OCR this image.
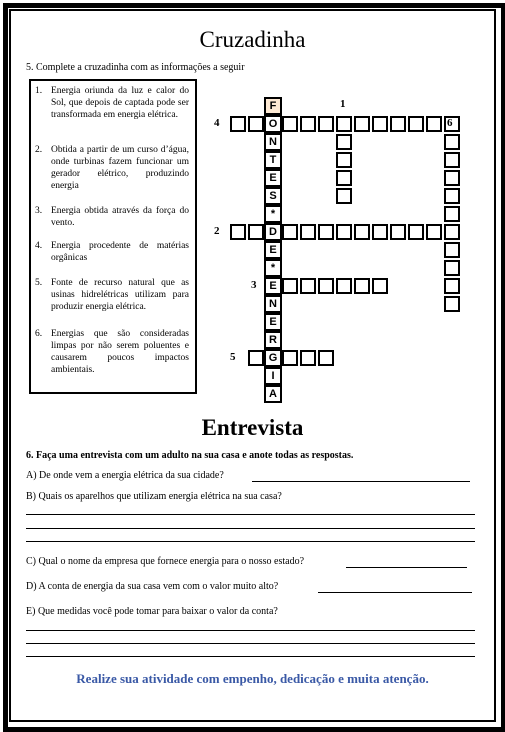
Cruzadinha
5. Complete a cruzadinha com as informações a seguir
1. Energia oriunda da luz e calor do Sol, que depois de captada pode ser transformada em energia elétrica.
2. Obtida a partir de um curso d’água, onde turbinas fazem funcionar um gerador elétrico, produzindo energia
3. Energia obtida através da força do vento.
4. Energia procedente de matérias orgânicas
5. Fonte de recurso natural que as usinas hidrelétricas utilizam para produzir energia elétrica.
6. Energias que são consideradas limpas por não serem poluentes e causarem poucos impactos ambientais.
F
O
N
T
E
S
*
D
E
*
E
N
E
R
G
I
A
1
2
3
4
5
6
Entrevista
6. Faça uma entrevista com um adulto na sua casa e anote todas as respostas.
A) De onde vem a energia elétrica da sua cidade?
B) Quais os aparelhos que utilizam energia elétrica na sua casa?
C) Qual o nome da empresa que fornece energia para o nosso estado?
D) A conta de energia da sua casa vem com o valor muito alto?
E) Que medidas você pode tomar para baixar o valor da conta?
Realize sua atividade com empenho, dedicação e muita atenção.
